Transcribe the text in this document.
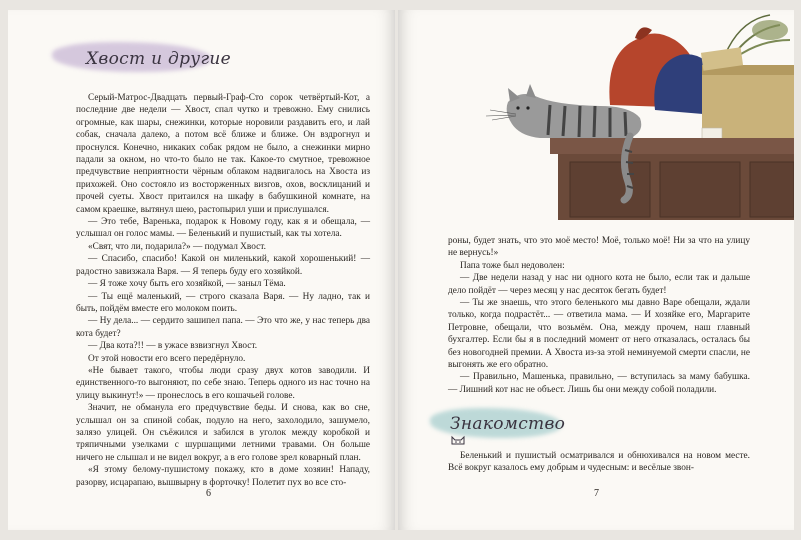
Хвост и другие

Серый-Матрос-Двадцать первый-Граф-Сто сорок четвёртый-Кот, а последние две недели — Хвост, спал чутко и тревожно. Ему снились огромные, как шары, снежинки, которые норовили раздавить его, и лай собак, сначала далеко, а потом всё ближе и ближе. Он вздрогнул и проснулся. Конечно, никаких собак рядом не было, а снежинки мирно падали за окном, но что-то было не так. Какое-то смутное, тревожное предчувствие неприятности чёрным облаком надвигалось на Хвоста из прихожей. Оно состояло из восторженных визгов, охов, восклицаний и прочей суеты. Хвост притаился на шкафу в бабушкиной комнате, на самом краешке, вытянул шею, растопырил уши и прислушался.

— Это тебе, Варенька, подарок к Новому году, как я и обещала, — услышал он голос мамы. — Беленький и пушистый, как ты хотела.

«Свят, что ли, подарила?» — подумал Хвост.

— Спасибо, спасибо! Какой он миленький, какой хорошенький! — радостно завизжала Варя. — Я теперь буду его хозяйкой.

— Я тоже хочу быть его хозяйкой, — заныл Тёма.

— Ты ещё маленький, — строго сказала Варя. — Ну ладно, так и быть, пойдём вместе его молоком поить.

— Ну дела... — сердито зашипел папа. — Это что же, у нас теперь два кота будет?

— Два кота?!! — в ужасе взвизгнул Хвост.

От этой новости его всего передёрнуло.

«Не бывает такого, чтобы люди сразу двух котов заводили. И единственного-то выгоняют, по себе знаю. Теперь одного из нас точно на улицу выкинут!» — пронеслось в его кошачьей голове.

Значит, не обманула его предчувствие беды. И снова, как во сне, услышал он за спиной собак, подуло на него, захолодило, зашумело, залязо улицей. Он съёжился и забился в уголок между коробкой и тряпичными узелками с шуршащими летними травами. Он больше ничего не слышал и не видел вокруг, а в его голове зрел коварный план.

«Я этому белому-пушистому покажу, кто в доме хозяин! Нападу, разорву, исцарапаю, вышвырну в форточку! Полетит пух во все сто-

6

роны, будет знать, что это моё место! Моё, только моё! Ни за что на улицу не вернусь!»

Папа тоже был недоволен:

— Две недели назад у нас ни одного кота не было, если так и дальше дело пойдёт — через месяц у нас десяток бегать будет!

— Ты же знаешь, что этого беленького мы давно Варе обещали, ждали только, когда подрастёт... — ответила мама. — И хозяйке его, Маргарите Петровне, обещали, что возьмём. Она, между прочем, наш главный бухгалтер. Если бы я в последний момент от него отказалась, осталась бы без новогодней премии. А Хвоста из-за этой неминуемой смерти спасли, не выгонять же его обратно.

— Правильно, Машенька, правильно, — вступилась за маму бабушка. — Лишний кот нас не объест. Лишь бы они между собой поладили.

Знакомство

Беленький и пушистый осматривался и обнюхивался на новом месте. Всё вокруг казалось ему добрым и чудесным: и весёлые звон-

7
